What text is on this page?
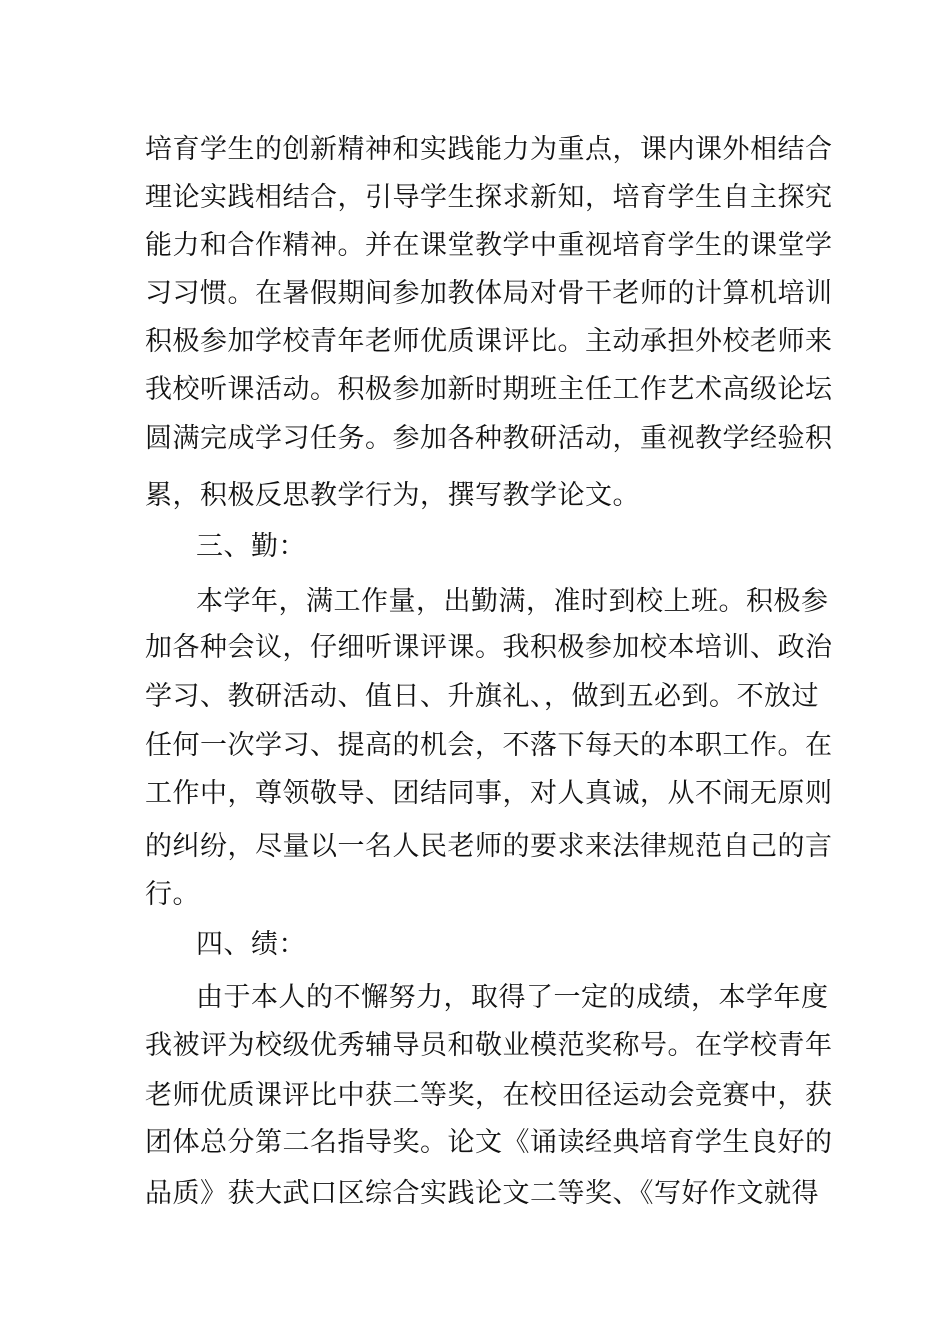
培育学生的创新精神和实践能力为重点，课内课外相结合
理论实践相结合，引导学生探求新知，培育学生自主探究
能力和合作精神。并在课堂教学中重视培育学生的课堂学
习习惯。在暑假期间参加教体局对骨干老师的计算机培训
积极参加学校青年老师优质课评比。主动承担外校老师来
我校听课活动。积极参加新时期班主任工作艺术高级论坛
圆满完成学习任务。参加各种教研活动，重视教学经验积
累，积极反思教学行为，撰写教学论文。
三、勤：
本学年，满工作量，出勤满，准时到校上班。积极参
加各种会议，仔细听课评课。我积极参加校本培训、政治
学习、教研活动、值日、升旗礼、，做到五必到。不放过
任何一次学习、提高的机会，不落下每天的本职工作。在
工作中，尊领敬导、团结同事，对人真诚，从不闹无原则
的纠纷，尽量以一名人民老师的要求来法律规范自己的言
行。
四、绩：
由于本人的不懈努力，取得了一定的成绩，本学年度
我被评为校级优秀辅导员和敬业模范奖称号。在学校青年
老师优质课评比中获二等奖，在校田径运动会竞赛中，获
团体总分第二名指导奖。论文《诵读经典培育学生良好的
品质》获大武口区综合实践论文二等奖、《写好作文就得
